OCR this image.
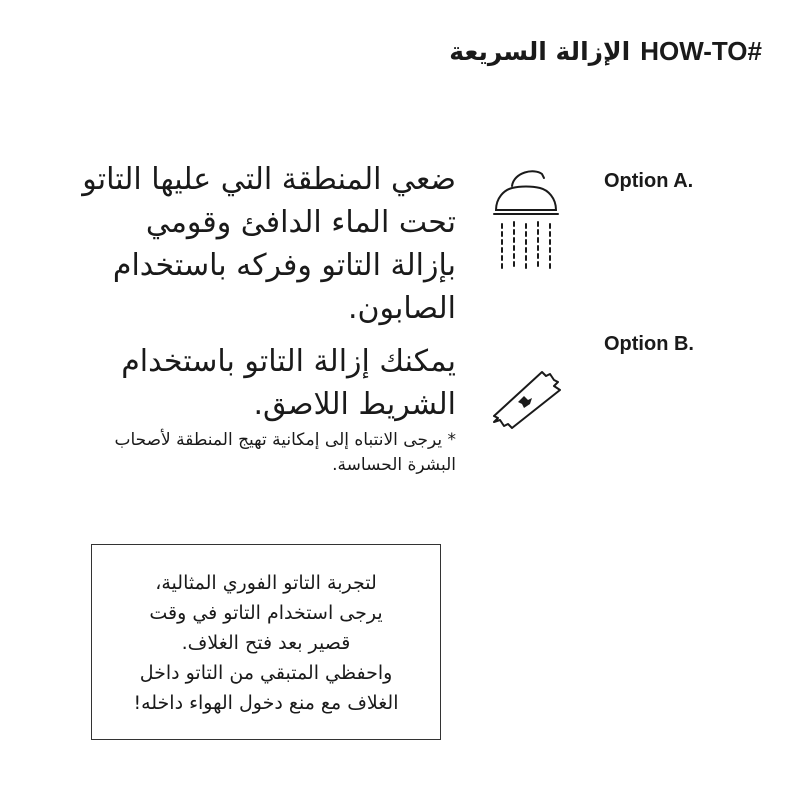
الإزالة السريعة HOW-TO#
Option A.
ضعي المنطقة التي عليها التاتو تحت الماء الدافئ وقومي بإزالة التاتو وفركه باستخدام الصابون.
Option B.
يمكنك إزالة التاتو باستخدام الشريط اللاصق.
* يرجى الانتباه إلى إمكانية تهيج المنطقة لأصحاب البشرة الحساسة.
لتجربة التاتو الفوري المثالية،
يرجى استخدام التاتو في وقت
قصير بعد فتح الغلاف.
واحفظي المتبقي من التاتو داخل
الغلاف مع منع دخول الهواء داخله!
